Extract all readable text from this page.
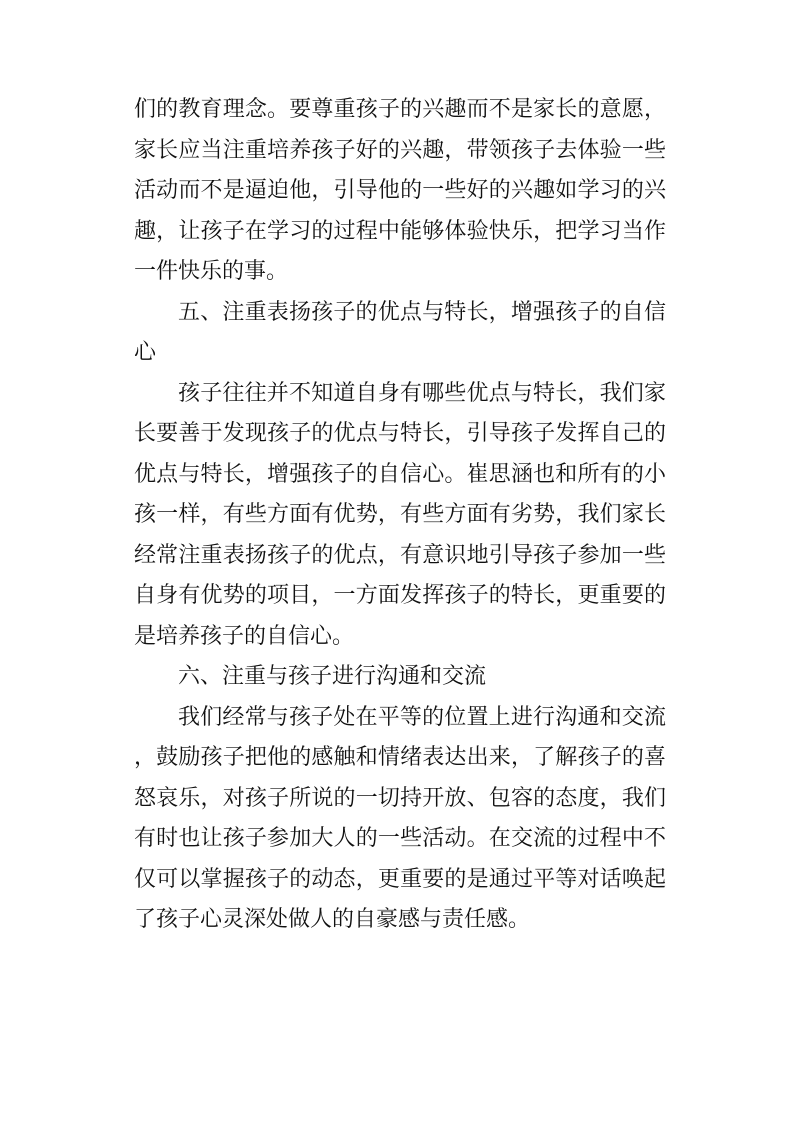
们的教育理念。要尊重孩子的兴趣而不是家长的意愿，家长应当注重培养孩子好的兴趣，带领孩子去体验一些活动而不是逼迫他，引导他的一些好的兴趣如学习的兴趣，让孩子在学习的过程中能够体验快乐，把学习当作一件快乐的事。

五、注重表扬孩子的优点与特长，增强孩子的自信心

孩子往往并不知道自身有哪些优点与特长，我们家长要善于发现孩子的优点与特长，引导孩子发挥自己的优点与特长，增强孩子的自信心。崔思涵也和所有的小孩一样，有些方面有优势，有些方面有劣势，我们家长经常注重表扬孩子的优点，有意识地引导孩子参加一些自身有优势的项目，一方面发挥孩子的特长，更重要的是培养孩子的自信心。

六、注重与孩子进行沟通和交流

我们经常与孩子处在平等的位置上进行沟通和交流，鼓励孩子把他的感触和情绪表达出来，了解孩子的喜怒哀乐，对孩子所说的一切持开放、包容的态度，我们有时也让孩子参加大人的一些活动。在交流的过程中不仅可以掌握孩子的动态，更重要的是通过平等对话唤起了孩子心灵深处做人的自豪感与责任感。
